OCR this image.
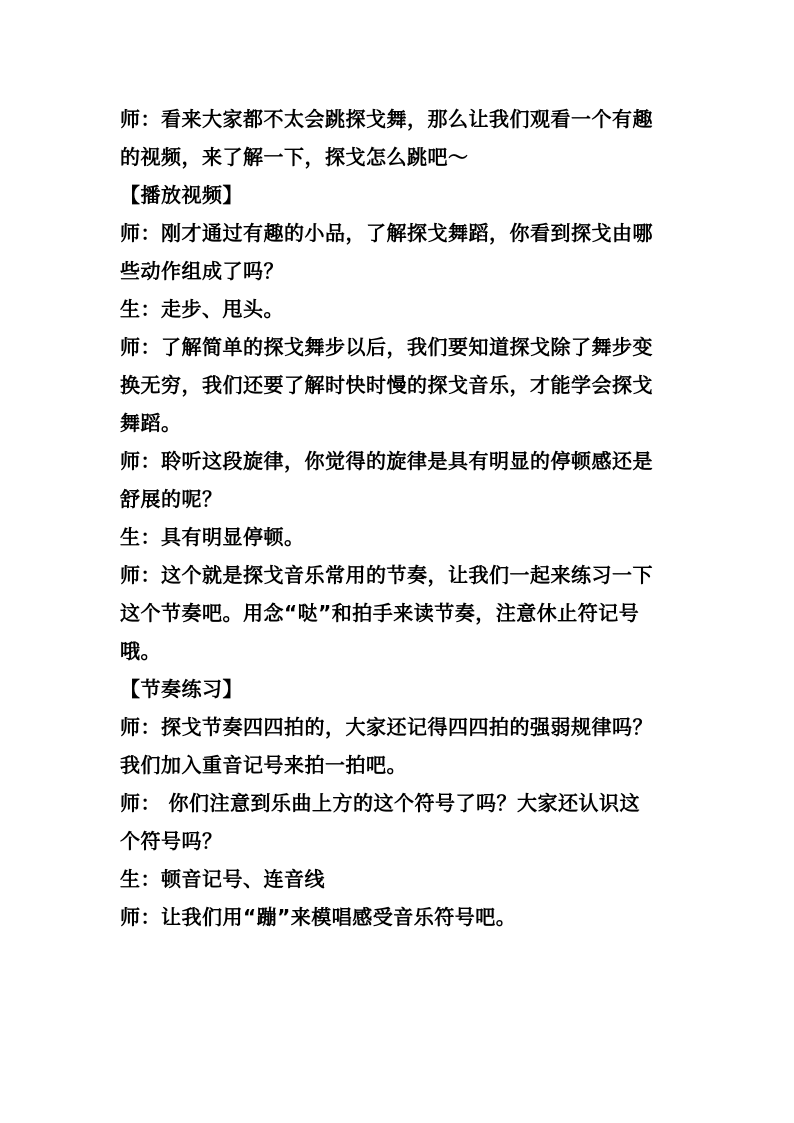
师：看来大家都不太会跳探戈舞，那么让我们观看一个有趣
的视频，来了解一下，探戈怎么跳吧～
【播放视频】
师：刚才通过有趣的小品，了解探戈舞蹈，你看到探戈由哪
些动作组成了吗？
生：走步、甩头。
师：了解简单的探戈舞步以后，我们要知道探戈除了舞步变
换无穷，我们还要了解时快时慢的探戈音乐，才能学会探戈
舞蹈。
师：聆听这段旋律，你觉得的旋律是具有明显的停顿感还是
舒展的呢？
生：具有明显停顿。
师：这个就是探戈音乐常用的节奏，让我们一起来练习一下
这个节奏吧。用念“哒”和拍手来读节奏，注意休止符记号
哦。
【节奏练习】
师：探戈节奏四四拍的，大家还记得四四拍的强弱规律吗？
我们加入重音记号来拍一拍吧。
师： 你们注意到乐曲上方的这个符号了吗？大家还认识这
个符号吗？
生：顿音记号、连音线
师：让我们用“蹦”来模唱感受音乐符号吧。
